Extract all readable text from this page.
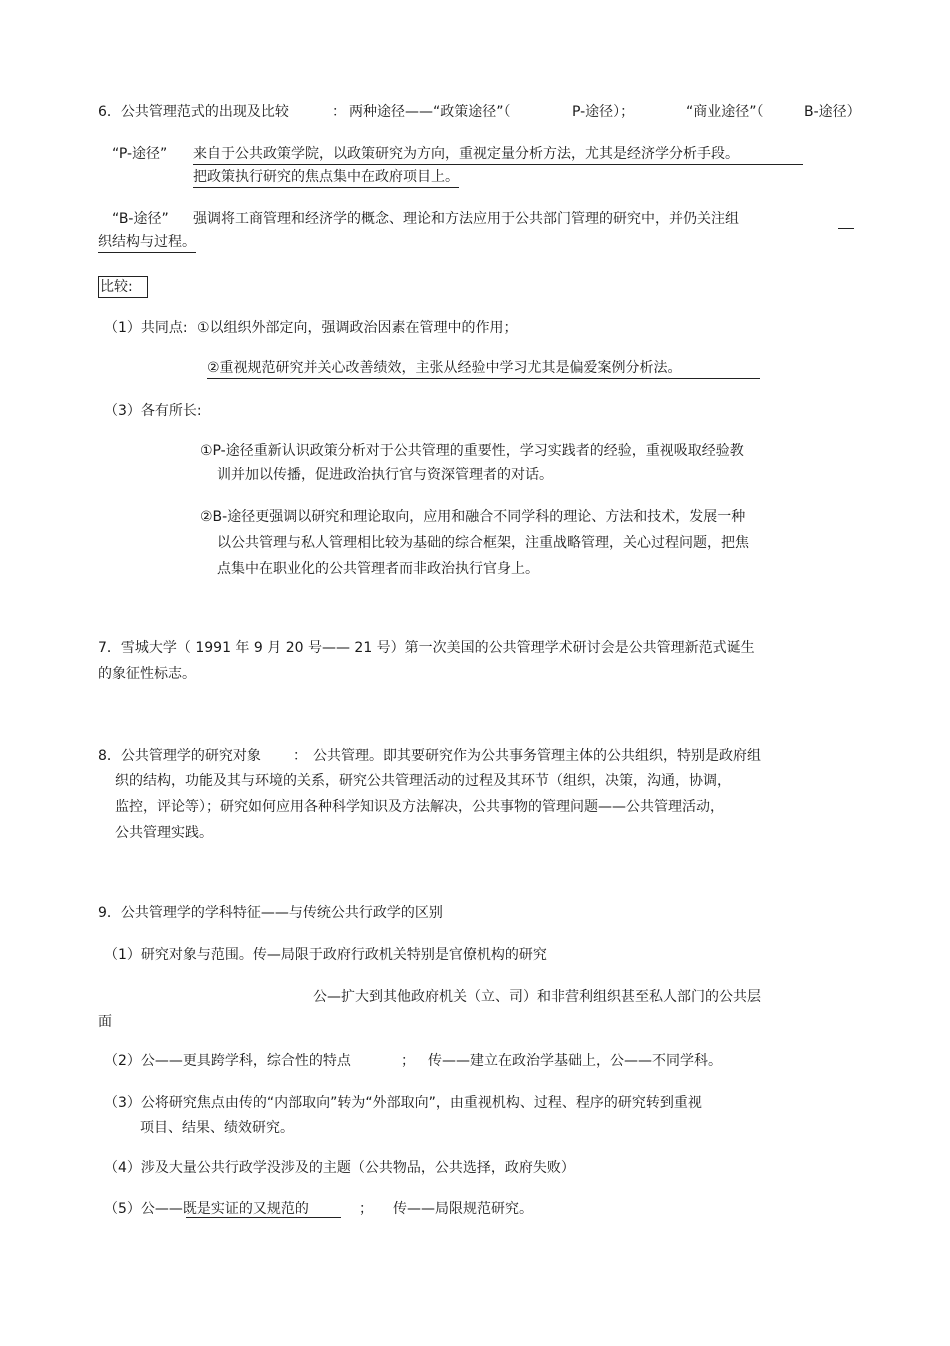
6．公共管理范式的出现及比较	： 两种途径——“政策途径”（	P-途径）；	“商业途径”（	B-途径）
“P-途径” 来自于公共政策学院，以政策研究为方向，重视定量分析方法，尤其是经济学分析手段。
把政策执行研究的焦点集中在政府项目上。
“B-途径” 强调将工商管理和经济学的概念、理论和方法应用于公共部门管理的研究中，并仍关注组
织结构与过程。
比较:
（1）共同点: ①以组织外部定向，强调政治因素在管理中的作用；
②重视规范研究并关心改善绩效，主张从经验中学习尤其是偏爱案例分析法。
（3）各有所长:
①P-途径重新认识政策分析对于公共管理的重要性，学习实践者的经验，重视吸取经验教
训并加以传播，促进政治执行官与资深管理者的对话。
②B-途径更强调以研究和理论取向，应用和融合不同学科的理论、方法和技术，发展一种
以公共管理与私人管理相比较为基础的综合框架，注重战略管理，关心过程问题，把焦
点集中在职业化的公共管理者而非政治执行官身上。
7．雪城大学（ 1991 年 9 月 20 号—— 21 号）第一次美国的公共管理学术研讨会是公共管理新范式诞生
的象征性标志。
8．公共管理学的研究对象 ： 公共管理。即其要研究作为公共事务管理主体的公共组织，特别是政府组
织的结构，功能及其与环境的关系，研究公共管理活动的过程及其环节（组织，决策，沟通，协调，
监控，评论等）；研究如何应用各种科学知识及方法解决，公共事物的管理问题——公共管理活动，
公共管理实践。
9．公共管理学的学科特征——与传统公共行政学的区别
（1）研究对象与范围。传—局限于政府行政机关特别是官僚机构的研究
公—扩大到其他政府机关（立、司）和非营利组织甚至私人部门的公共层
面
（2）公——更具跨学科，综合性的特点	； 传——建立在政治学基础上，公——不同学科。
（3）公将研究焦点由传的“内部取向”转为“外部取向”，由重视机构、过程、程序的研究转到重视
项目、结果、绩效研究。
（4）涉及大量公共行政学没涉及的主题（公共物品，公共选择，政府失败）
（5）公——既是实证的又规范的	； 传——局限规范研究。
